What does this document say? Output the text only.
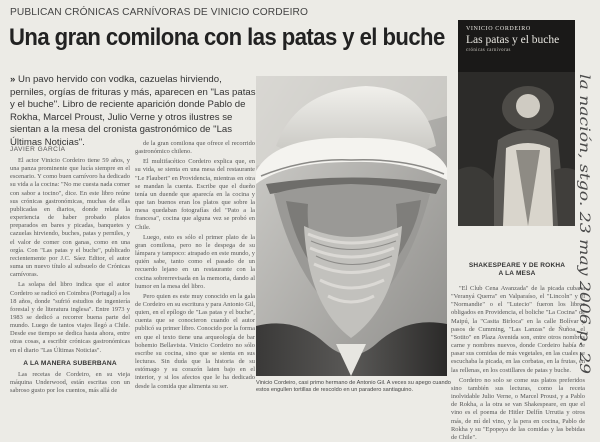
PUBLICAN CRÓNICAS CARNÍVORAS DE VINICIO CORDEIRO
Una gran comilona con las patas y el buche
» Un pavo hervido con vodka, cazuelas hirviendo, perniles, orgías de frituras y más, aparecen en "Las patas y el buche". Libro de reciente aparición donde Pablo de Rokha, Marcel Proust, Julio Verne y otros ilustres se sientan a la mesa del cronista gastronómico de "Las Últimas Noticias".
JAVIER GARCÍA

El actor Vinicio Cordeiro tiene 59 años, y una panza prominente que lucía siempre en el escenario. Y como buen carnívoro ha dedicado su vida a la cocina: "No me cuesta nada comer con sabor a tocino", dice. En este libro reúne sus crónicas gastronómicas, muchas de ellas publicadas en diarios, donde relata la experiencia de haber probado platos preparados en bares y picadas, banquetes y cazuelas hirviendo, buches, patas y perniles, y el valor de comer con ganas, como en una orgía. Con "Las patas y el buche", publicado recientemente por J.C. Sáez Editor, el autor suma un nuevo título al subsuelo de Crónicas carnívoras.

La solapa del libro indica que el autor Cordeiro se radicó en Coimbra (Portugal) a los 18 años, donde "sufrió estudios de ingeniería forestal y de literatura inglesa". Entre 1973 y 1983 se dedicó a recorrer buena parte del mundo. Luego de tantos viajes llegó a Chile. Desde ese tiempo se dedica hasta ahora, entre otras cosas, a escribir crónicas gastronómicas en el diario "Las Últimas Noticias".

A LA MANERA SUBERBANA

Las recetas de Cordeiro, en su vieja máquina Underwood, están escritas con un sabroso gusto por los cuentos, más allá de

de la gran comilona que ofrece el recorrido gastronómico chileno.

El multifacético Cordeiro explica que, en su vida, se sienta en una mesa del restaurante "Le Flaubert" en Providencia, mientras en otra se mandan la cuenta. Escribe que el dueño tenía un duende que aparecía en la cocina y que tan buenos eran los platos que sobre la mesa quedaban fotografías del "Pato a la francesa", cocina que alguna vez se probó en Chile.

Luego, esto es sólo el primer plato de la gran comilona, pero no le despega de su lámpara y tampoco: atrapado en este mundo, y quién sabe, tanto como el pasado de un recuerdo lejano en un restaurante con la cocina sobrerrevisada en la memoria, dando al humor en la mesa del libro.

Pero quien es este muy conocido en la gala de Cordeiro en su escritura y para Antonio Gil, quien, en el epílogo de "Las patas y el buche", cuenta que se conocieron cuando el autor publicó su primer libro. Conocido por la forma en que el texto tiene una arqueología de bar bohemio Bellavista. Vinicio Cordeiro no sólo escribe su cocina, sino que se sienta en sus lecturas. Sin duda que la historia de su estómago y su corazón laten bajo en el interior, y si los afectos que le ha dedicado desde la comida que alimenta su ser.	Vinicio Cordeiro, casi primo hermano de Antonio Gil. A veces su apego cuando estos engullen tortillas de rescoldo en un paradero santiaguino.
VINICIO CORDEIRO
Las patas y el buche
crónicas carnívoras
SHAKESPEARE Y DE ROKHA A LA MESA

"El Club Cena Avanzada" de la picada cubana "Veranyá Querra" en Valparaíso, el "Lincoln" y el "Normandie" o el "Lutecio" fueron los libros obligados en Providencia, el boliche "La Cocina" de Maipú, la "Casita Birloca" en la calle Bolívar y pasos de Cumming, "Las Lanzas" de Ñuñoa, el "Sotito" en Plaza Avenida son, entre otros nombres carne y nombres nuevos, donde Cordeiro había de pasar sus comidas de más vegetales, en las cuales se escuchaba la picada, en las corbatas, en la frutas, en las rellenas, en los costillares de patas y buche.

Cordeiro no solo se come sus platos preferidos sino también sus lecturas, como la receta inolvidable Julio Verne, o Marcel Proust, y a Pablo de Rokha, a la otra se van Shakespeare, en que el vino es el poema de Hitler Delfín Urrutia y otros más, de mí del vino, y la pera en cocina, Pablo de Rokha y su "Epopeya de las comidas y las bebidas de Chile".

la nación, stgo. 23 may 2006 p. 29
